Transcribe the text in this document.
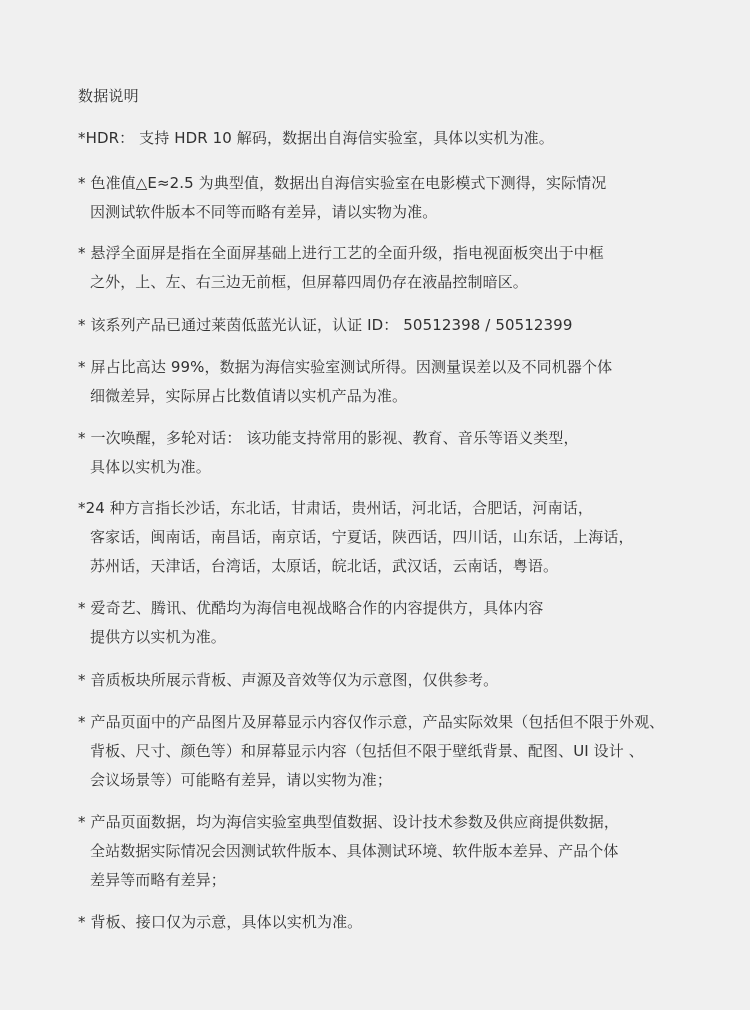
数据说明
*HDR： 支持 HDR 10 解码，数据出自海信实验室，具体以实机为准。
* 色准值△E≈2.5 为典型值，数据出自海信实验室在电影模式下测得，实际情况
因测试软件版本不同等而略有差异，请以实物为准。
* 悬浮全面屏是指在全面屏基础上进行工艺的全面升级，指电视面板突出于中框
之外，上、左、右三边无前框，但屏幕四周仍存在液晶控制暗区。
* 该系列产品已通过莱茵低蓝光认证，认证 ID： 50512398 / 50512399
* 屏占比高达 99%，数据为海信实验室测试所得。因测量误差以及不同机器个体
细微差异，实际屏占比数值请以实机产品为准。
* 一次唤醒，多轮对话： 该功能支持常用的影视、教育、音乐等语义类型，
具体以实机为准。
*24 种方言指长沙话，东北话，甘肃话，贵州话，河北话，合肥话，河南话，
客家话，闽南话，南昌话，南京话，宁夏话，陕西话，四川话，山东话，上海话，
苏州话，天津话，台湾话，太原话，皖北话，武汉话，云南话，粤语。
* 爱奇艺、腾讯、优酷均为海信电视战略合作的内容提供方，具体内容
提供方以实机为准。
* 音质板块所展示背板、声源及音效等仅为示意图，仅供参考。
* 产品页面中的产品图片及屏幕显示内容仅作示意，产品实际效果（包括但不限于外观、
背板、尺寸、颜色等）和屏幕显示内容（包括但不限于壁纸背景、配图、UI 设计 、
会议场景等）可能略有差异，请以实物为准；
* 产品页面数据，均为海信实验室典型值数据、设计技术参数及供应商提供数据，
全站数据实际情况会因测试软件版本、具体测试环境、软件版本差异、产品个体
差异等而略有差异；
* 背板、接口仅为示意，具体以实机为准。
